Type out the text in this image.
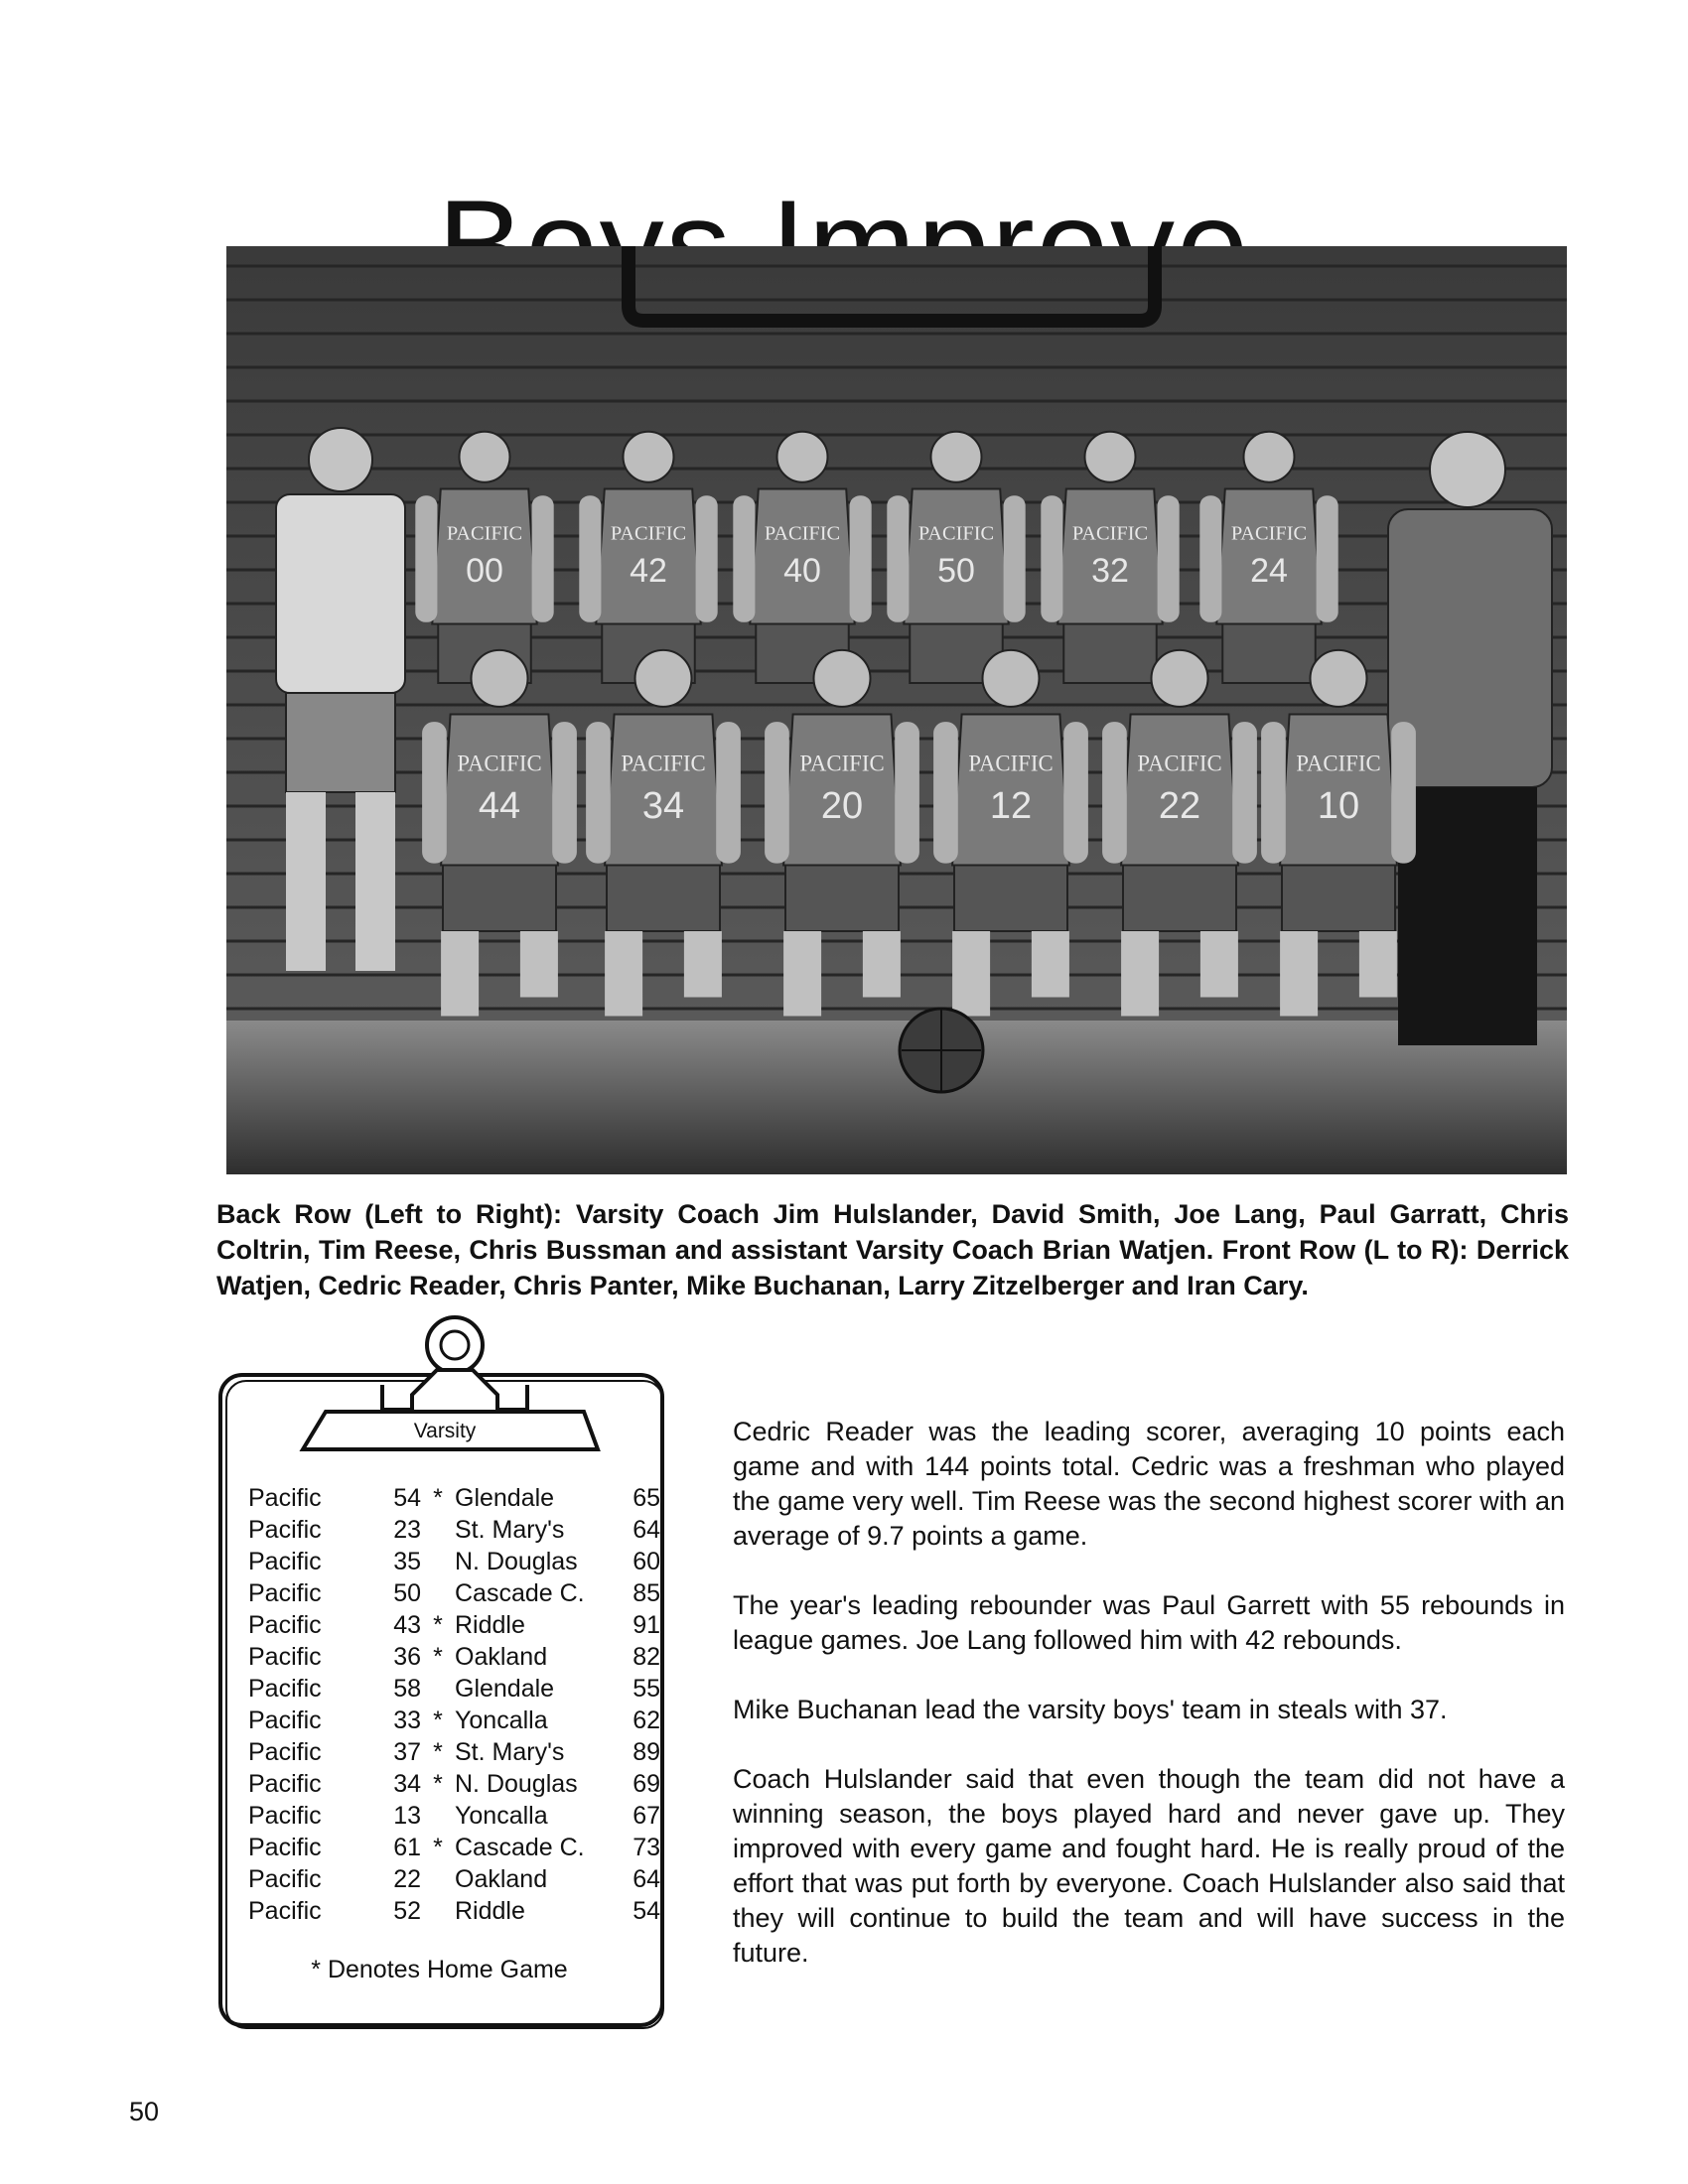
PACIFIC
00
PACIFIC
42
PACIFIC
40
PACIFIC
50
PACIFIC
32
PACIFIC
24
PACIFIC
44
PACIFIC
34
PACIFIC
20
PACIFIC
12
PACIFIC
22
PACIFIC
10
Back Row (Left to Right): Varsity Coach Jim Hulslander, David Smith, Joe Lang, Paul Garratt, Chris Coltrin, Tim Reese, Chris Bussman and assistant Varsity Coach Brian Watjen. Front Row (L to R): Derrick Watjen, Cedric Reader, Chris Panter, Mike Buchanan, Larry Zitzelberger and Iran Cary.
Varsity
Pacific	54 * Glendale	65
Pacific	23 St. Mary's	64
Pacific	35 N. Douglas	60
Pacific	50 Cascade C.	85
Pacific	43 * Riddle	91
Pacific	36 * Oakland	82
Pacific	58 Glendale	55
Pacific	33 * Yoncalla	62
Pacific	37 * St. Mary's	89
Pacific	34 * N. Douglas	69
Pacific	13 Yoncalla	67
Pacific	61 * Cascade C.	73
Pacific	22 Oakland	64
Pacific	52 Riddle	54
* Denotes Home Game

Cedric Reader was the leading scorer, averaging 10 points each game and with 144 points total. Cedric was a freshman who played the game very well. Tim Reese was the second highest scorer with an average of 9.7 points a game.

The year's leading rebounder was Paul Garrett with 55 rebounds in league games. Joe Lang followed him with 42 rebounds.

Mike Buchanan lead the varsity boys' team in steals with 37.

Coach Hulslander said that even though the team did not have a winning season, the boys played hard and never gave up. They improved with every game and fought hard. He is really proud of the effort that was put forth by everyone. Coach Hulslander also said that they will continue to build the team and will have success in the future.

50
